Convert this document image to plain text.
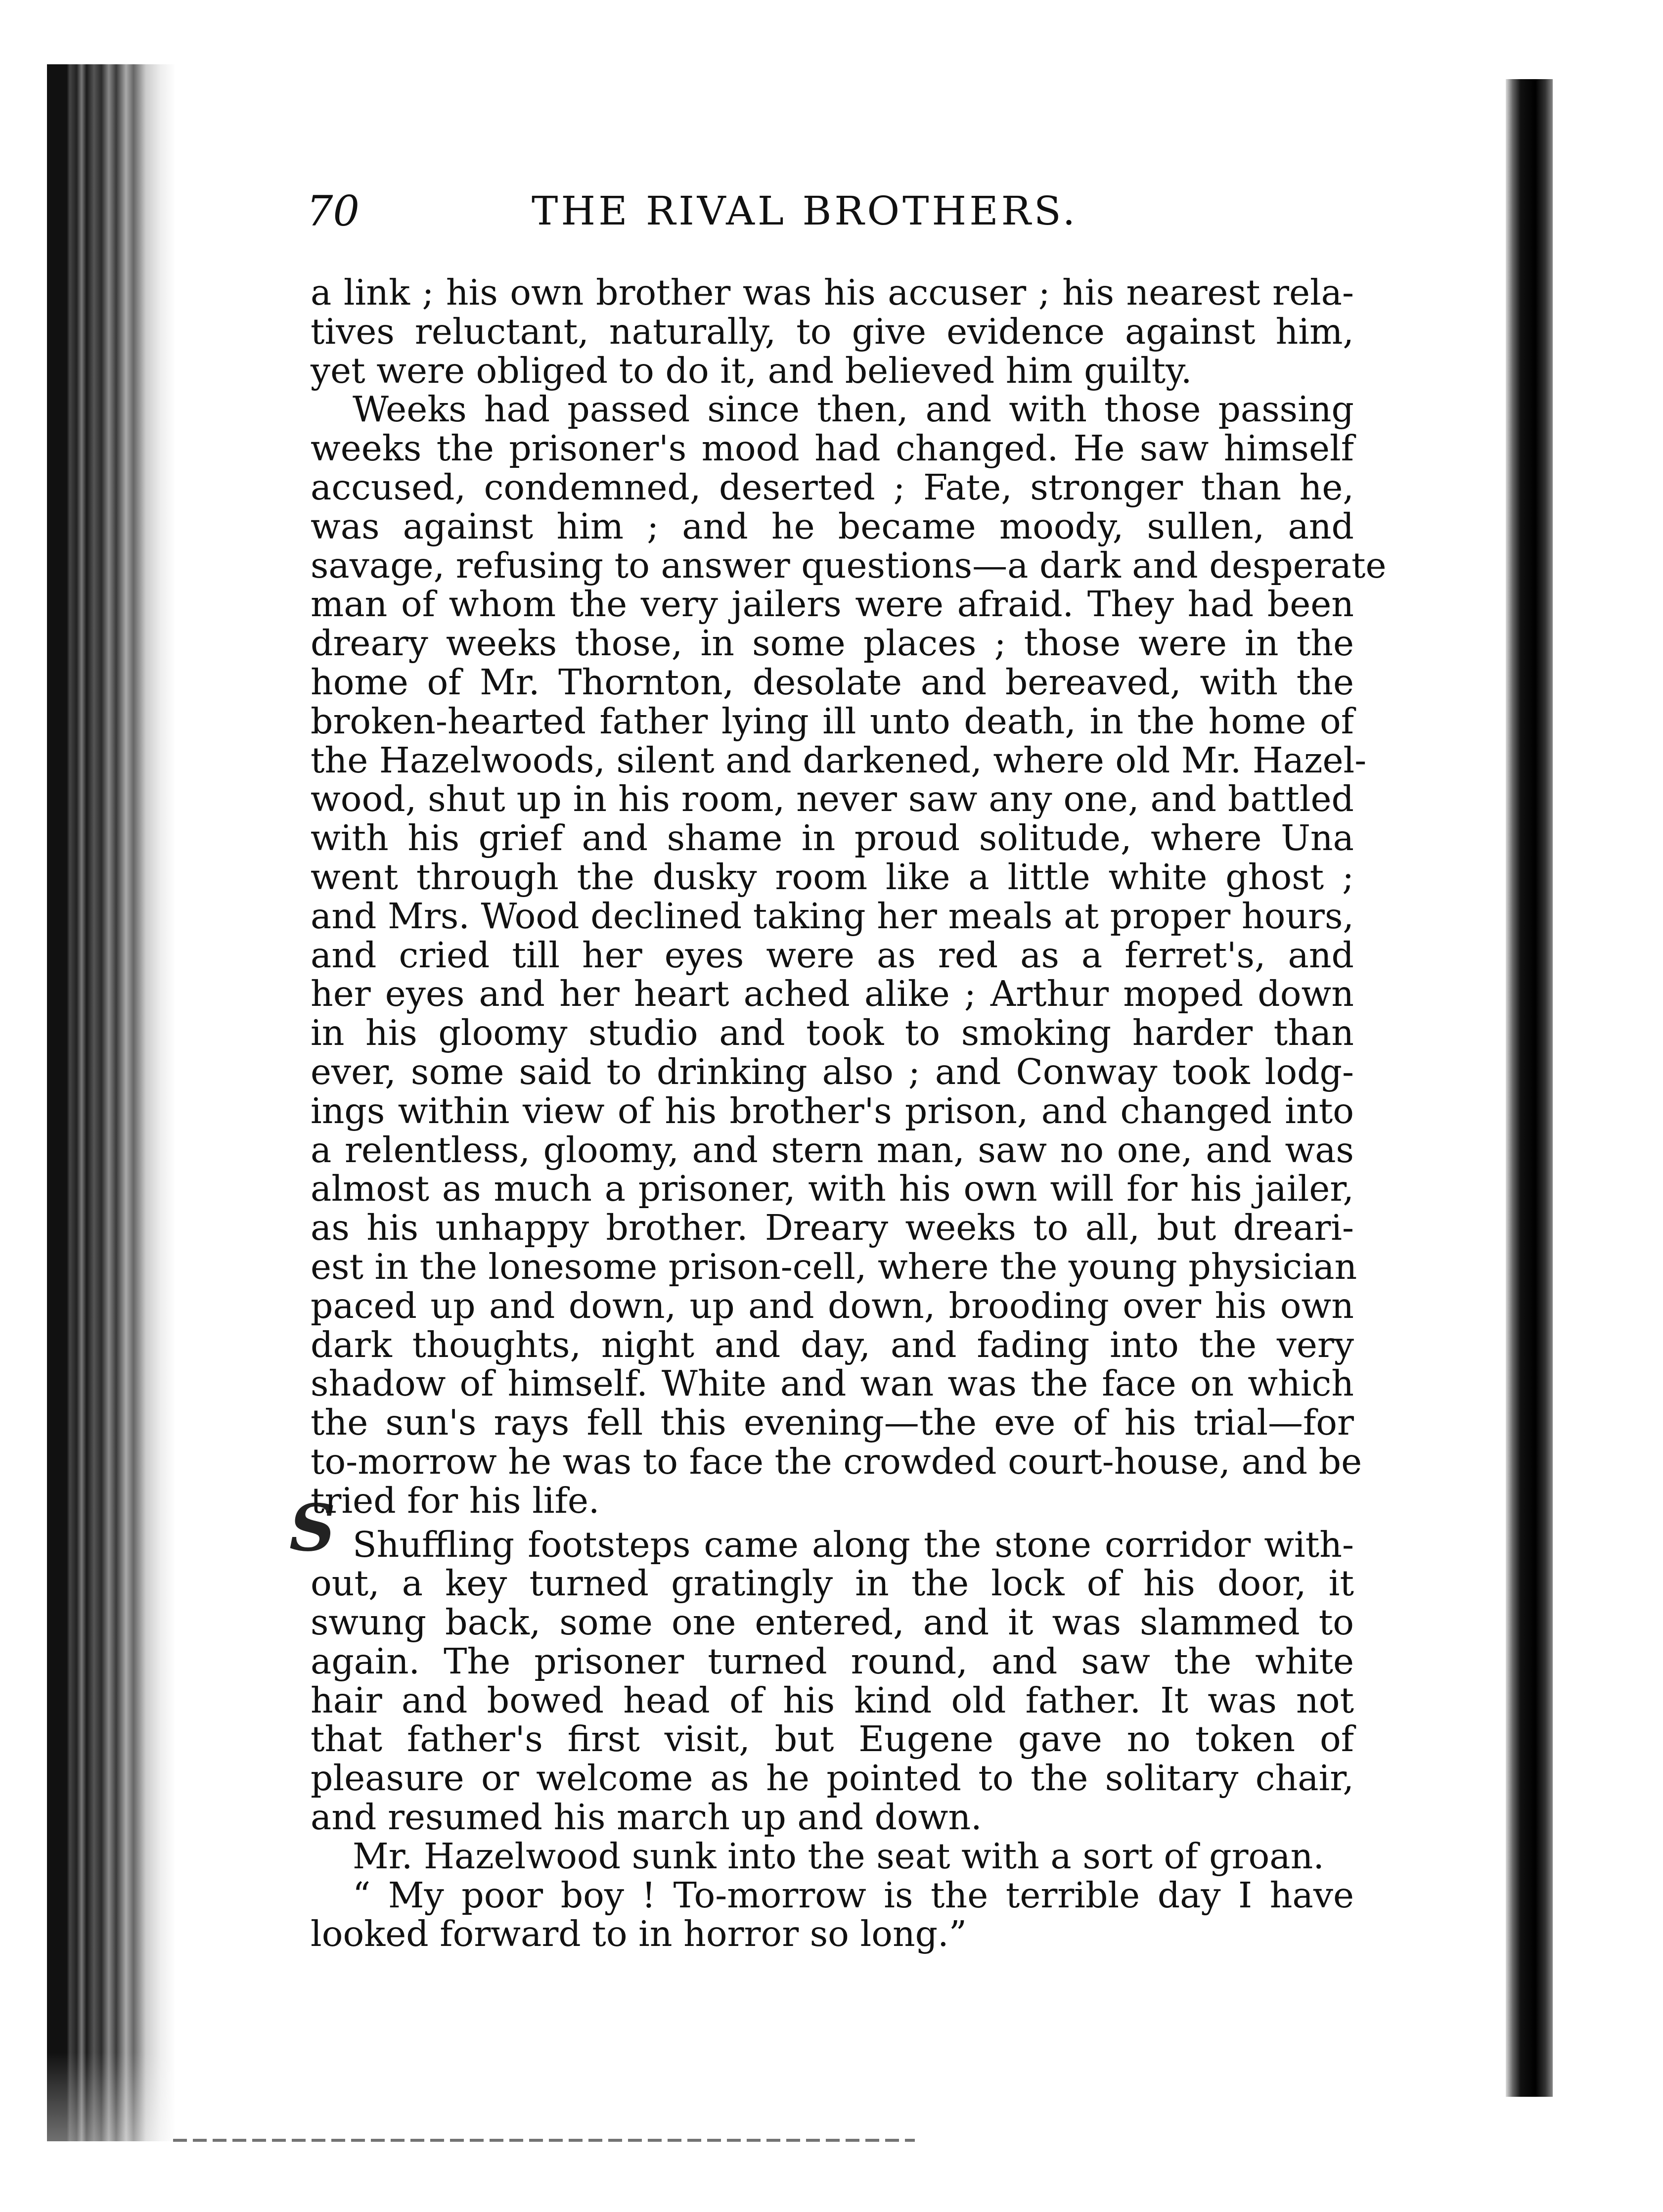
70	THE RIVAL BROTHERS.
S
a link ; his own brother was his accuser ; his nearest rela-
tives reluctant, naturally, to give evidence against him,
yet were obliged to do it, and believed him guilty.
Weeks had passed since then, and with those passing
weeks the prisoner's mood had changed. He saw himself
accused, condemned, deserted ; Fate, stronger than he,
was against him ; and he became moody, sullen, and
savage, refusing to answer questions—a dark and desperate
man of whom the very jailers were afraid. They had been
dreary weeks those, in some places ; those were in the
home of Mr. Thornton, desolate and bereaved, with the
broken-hearted father lying ill unto death, in the home of
the Hazelwoods, silent and darkened, where old Mr. Hazel-
wood, shut up in his room, never saw any one, and battled
with his grief and shame in proud solitude, where Una
went through the dusky room like a little white ghost ;
and Mrs. Wood declined taking her meals at proper hours,
and cried till her eyes were as red as a ferret's, and
her eyes and her heart ached alike ; Arthur moped down
in his gloomy studio and took to smoking harder than
ever, some said to drinking also ; and Conway took lodg-
ings within view of his brother's prison, and changed into
a relentless, gloomy, and stern man, saw no one, and was
almost as much a prisoner, with his own will for his jailer,
as his unhappy brother. Dreary weeks to all, but dreari-
est in the lonesome prison-cell, where the young physician
paced up and down, up and down, brooding over his own
dark thoughts, night and day, and fading into the very
shadow of himself. White and wan was the face on which
the sun's rays fell this evening—the eve of his trial—for
to-morrow he was to face the crowded court-house, and be
tried for his life.
Shuffling footsteps came along the stone corridor with-
out, a key turned gratingly in the lock of his door, it
swung back, some one entered, and it was slammed to
again. The prisoner turned round, and saw the white
hair and bowed head of his kind old father. It was not
that father's first visit, but Eugene gave no token of
pleasure or welcome as he pointed to the solitary chair,
and resumed his march up and down.
Mr. Hazelwood sunk into the seat with a sort of groan.
“ My poor boy ! To-morrow is the terrible day I have
looked forward to in horror so long.”
